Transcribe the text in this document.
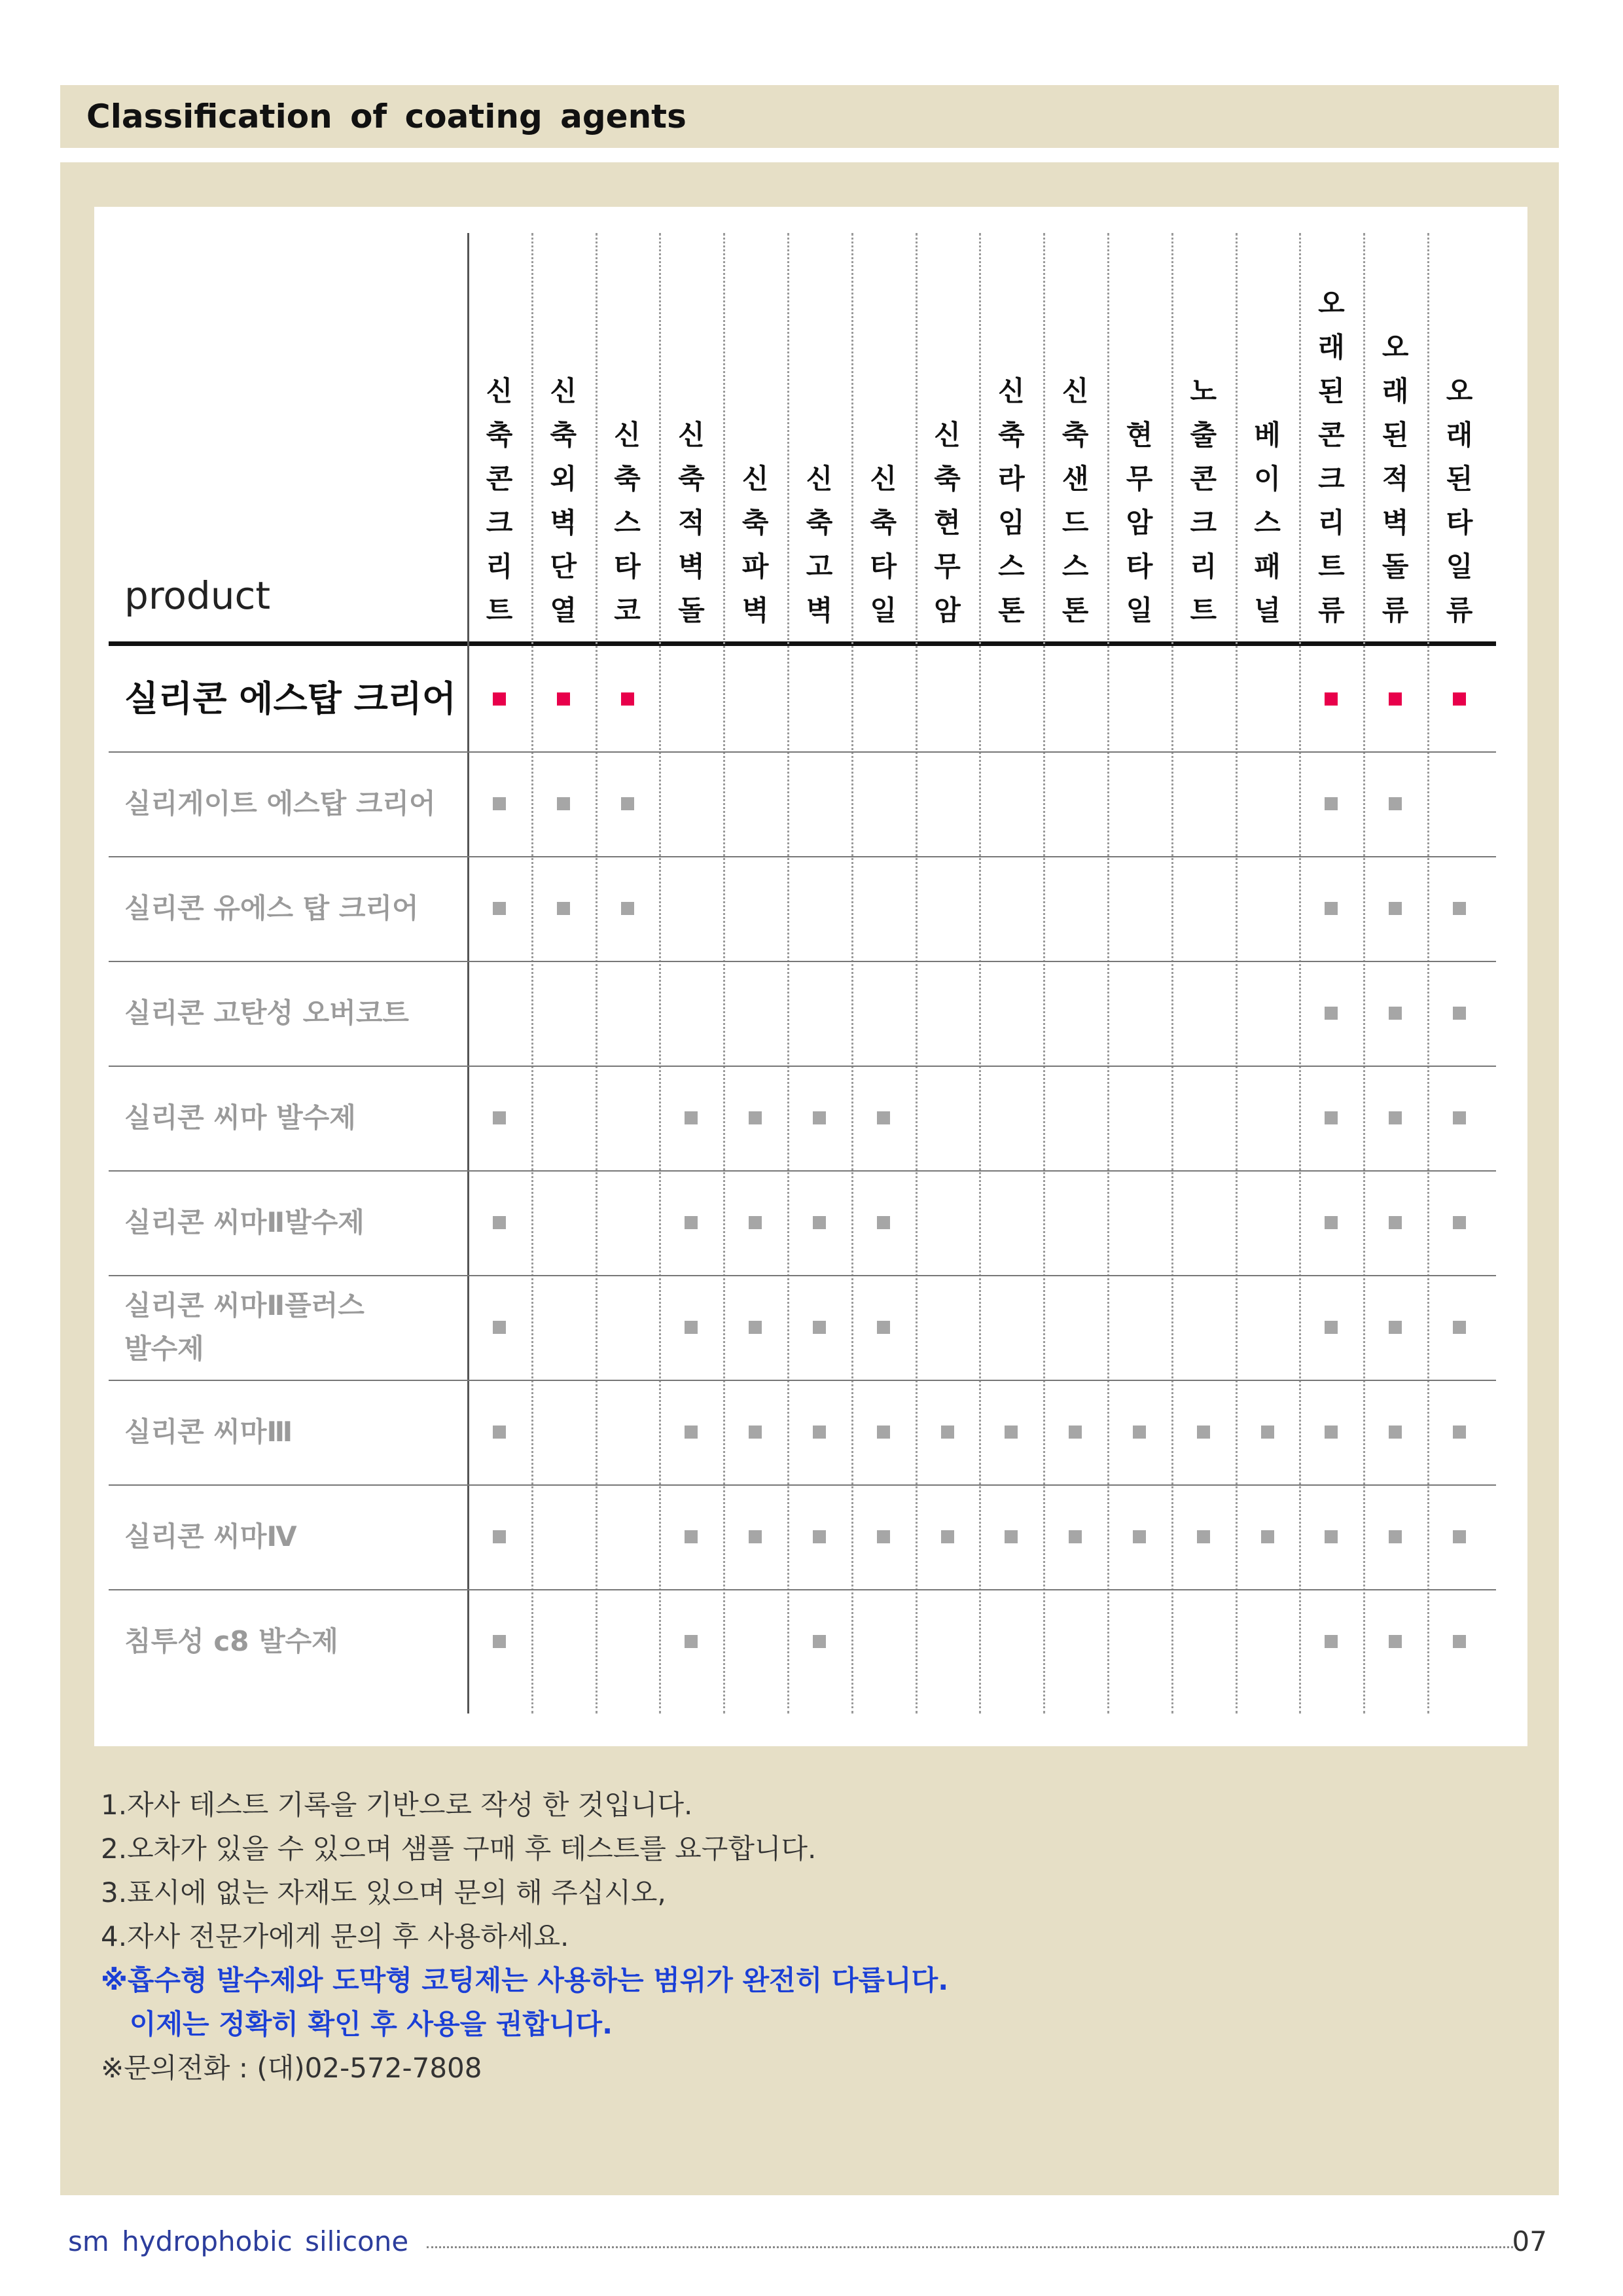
Classification of coating agents
product
신
축
콘
크
리
트
신
축
외
벽
단
열
신
축
스
타
코
신
축
적
벽
돌
신
축
파
벽
신
축
고
벽
신
축
타
일
신
축
현
무
암
신
축
라
임
스
톤
신
축
샌
드
스
톤
현
무
암
타
일
노
출
콘
크
리
트
베
이
스
패
널
오
래
된
콘
크
리
트
류
오
래
된
적
벽
돌
류
오
래
된
타
일
류
실리콘 에스탑 크리어
실리게이트 에스탑 크리어
실리콘 유에스 탑 크리어
실리콘 고탄성 오버코트
실리콘 씨마 발수제
실리콘 씨마Ⅱ발수제
실리콘 씨마Ⅱ플러스
발수제
실리콘 씨마Ⅲ
실리콘 씨마Ⅳ
침투성 c8 발수제
1.자사 테스트 기록을 기반으로 작성 한 것입니다.
2.오차가 있을 수 있으며 샘플 구매 후 테스트를 요구합니다.
3.표시에 없는 자재도 있으며 문의 해 주십시오,
4.자사 전문가에게 문의 후 사용하세요.
※흡수형 발수제와 도막형 코팅제는 사용하는 범위가 완전히 다릅니다.
이제는 정확히 확인 후 사용을 권합니다.
※문의전화 : (대)02-572-7808
sm hydrophobic silicone	07
